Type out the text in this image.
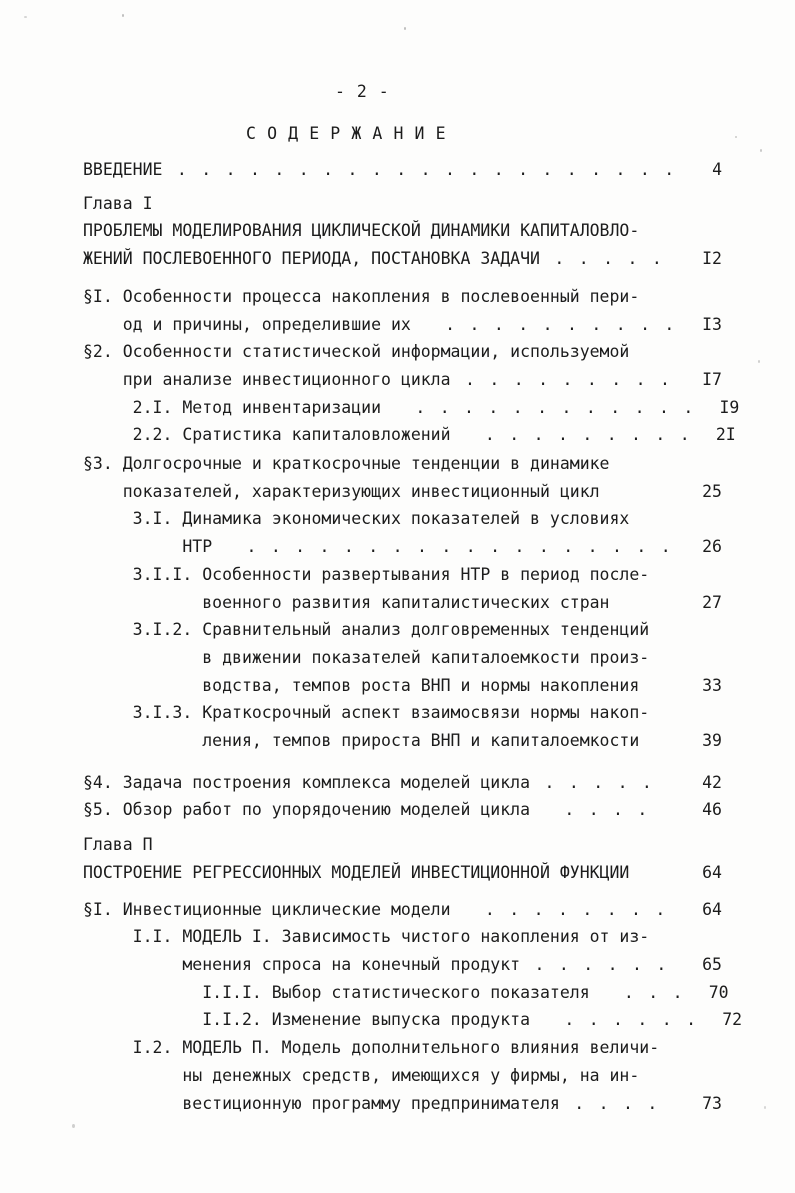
- 2 -
С О Д Е Р Ж А Н И Е
ВВЕДЕНИЕ . . . . . . . . . . . . . . . . . . . . .	4
Глава I
ПРОБЛЕМЫ МОДЕЛИРОВАНИЯ ЦИКЛИЧЕСКОЙ ДИНАМИКИ КАПИТАЛОВЛО-
ЖЕНИЙ ПОСЛЕВОЕННОГО ПЕРИОДА, ПОСТАНОВКА ЗАДАЧИ . . . . .	I2
§I. Особенности процесса накопления в послевоенный пери-
од и причины, определившие их . . . . . . . . . .	I3
§2. Особенности статистической информации, используемой
при анализе инвестиционного цикла . . . . . . . . .	I7
2.I. Метод инвентаризации . . . . . . . . . . . .	I9
2.2. Сратистика капиталовложений . . . . . . . . .	2I
§3. Долгосрочные и краткосрочные тенденции в динамике
показателей, характеризующих инвестиционный цикл	25
3.I. Динамика экономических показателей в условиях
НТР . . . . . . . . . . . . . . . . . .	26
3.I.I. Особенности развертывания НТР в период после-
военного развития капиталистических стран	27
3.I.2. Сравнительный анализ долговременных тенденций
в движении показателей капиталоемкости произ-
водства, темпов роста ВНП и нормы накопления	33
3.I.3. Краткосрочный аспект взаимосвязи нормы накоп-
ления, темпов прироста ВНП и капиталоемкости	39
§4. Задача построения комплекса моделей цикла . . . . .	42
§5. Обзор работ по упорядочению моделей цикла . . . .	46
Глава П
ПОСТРОЕНИЕ РЕГРЕССИОННЫХ МОДЕЛЕЙ ИНВЕСТИЦИОННОЙ ФУНКЦИИ	64
§I. Инвестиционные циклические модели . . . . . . . .	64
I.I. МОДЕЛЬ I. Зависимость чистого накопления от из-
менения спроса на конечный продукт . . . . . .	65
I.I.I. Выбор статистического показателя . . .	70
I.I.2. Изменение выпуска продукта . . . . . .	72
I.2. МОДЕЛЬ П. Модель дополнительного влияния величи-
ны денежных средств, имеющихся у фирмы, на ин-
вестиционную программу предпринимателя . . . .	73
